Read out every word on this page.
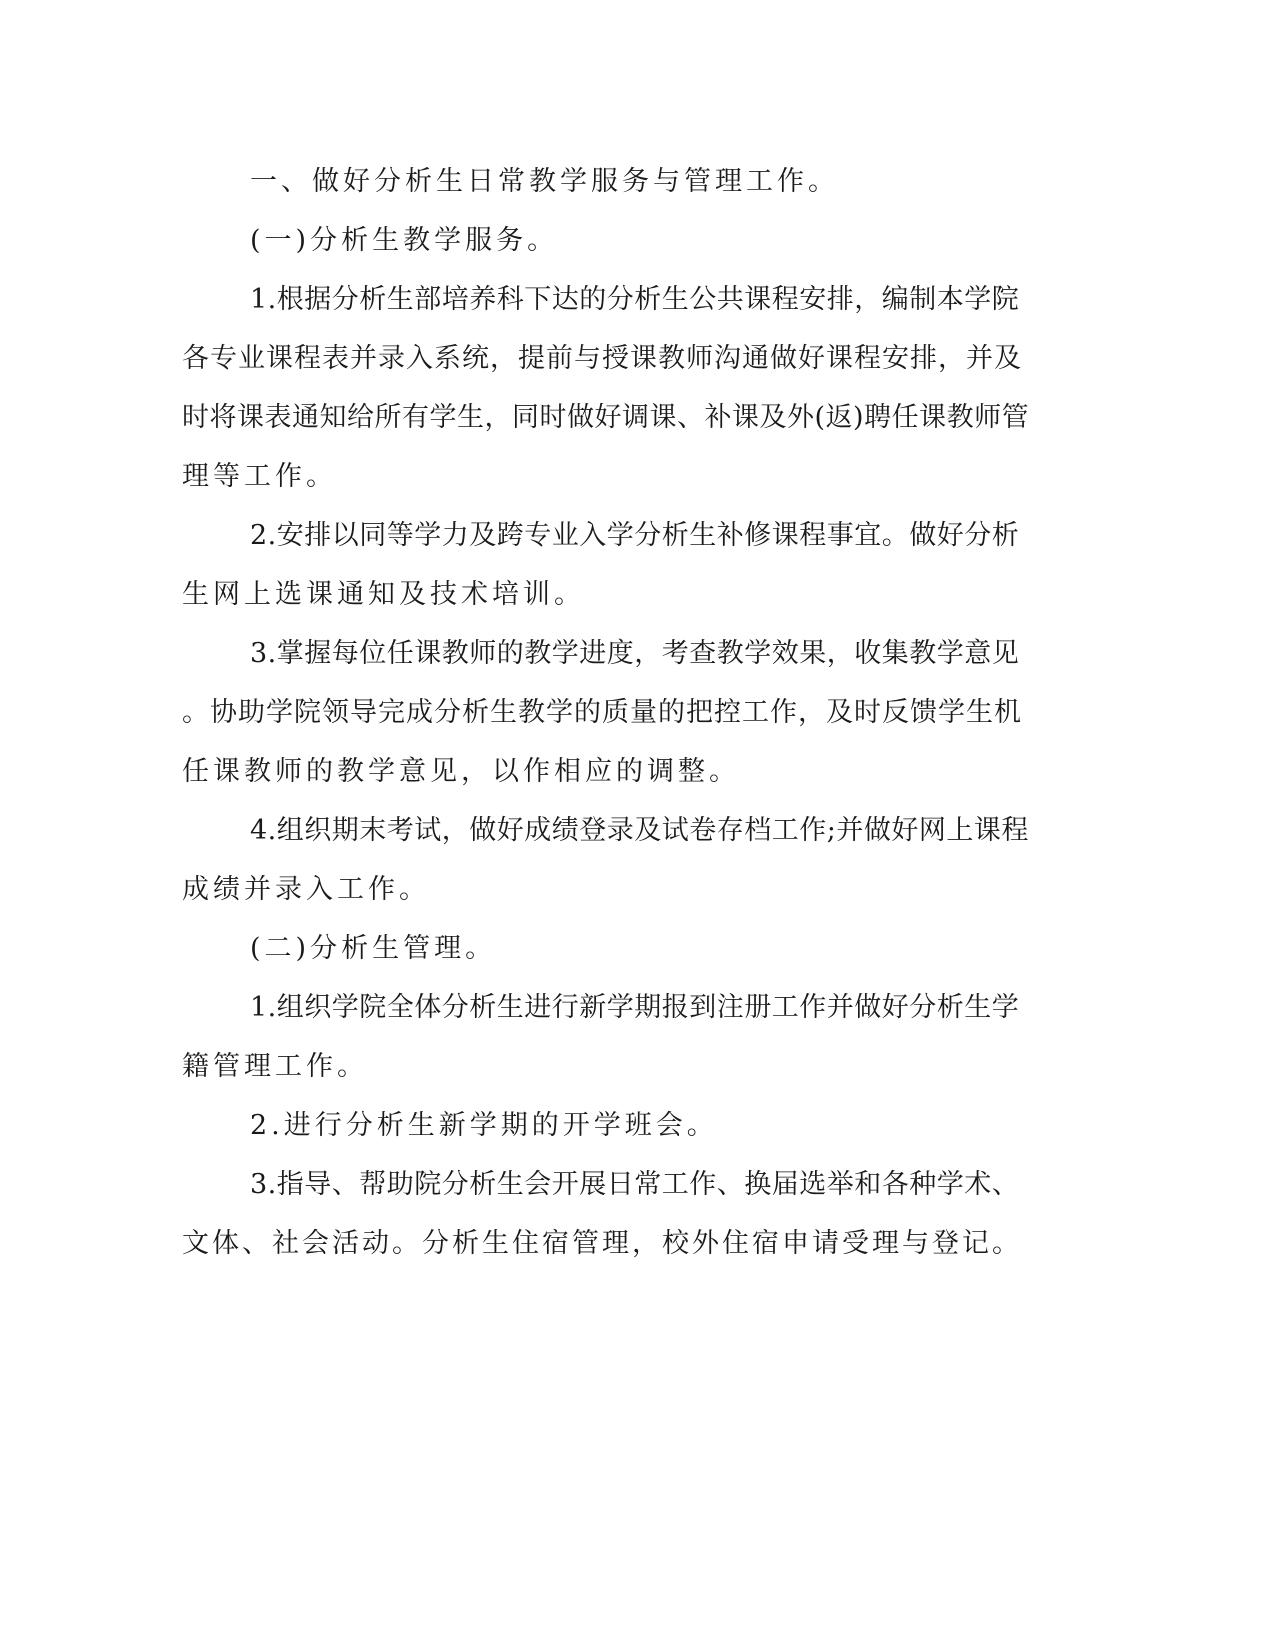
一、做好分析生日常教学服务与管理工作。
(一)分析生教学服务。
1.根据分析生部培养科下达的分析生公共课程安排，编制本学院
各专业课程表并录入系统，提前与授课教师沟通做好课程安排，并及
时将课表通知给所有学生，同时做好调课、补课及外(返)聘任课教师管
理等工作。
2.安排以同等学力及跨专业入学分析生补修课程事宜。做好分析
生网上选课通知及技术培训。
3.掌握每位任课教师的教学进度，考查教学效果，收集教学意见
。协助学院领导完成分析生教学的质量的把控工作，及时反馈学生机
任课教师的教学意见，以作相应的调整。
4.组织期末考试，做好成绩登录及试卷存档工作;并做好网上课程
成绩并录入工作。
(二)分析生管理。
1.组织学院全体分析生进行新学期报到注册工作并做好分析生学
籍管理工作。
2.进行分析生新学期的开学班会。
3.指导、帮助院分析生会开展日常工作、换届选举和各种学术、
文体、社会活动。分析生住宿管理，校外住宿申请受理与登记。
